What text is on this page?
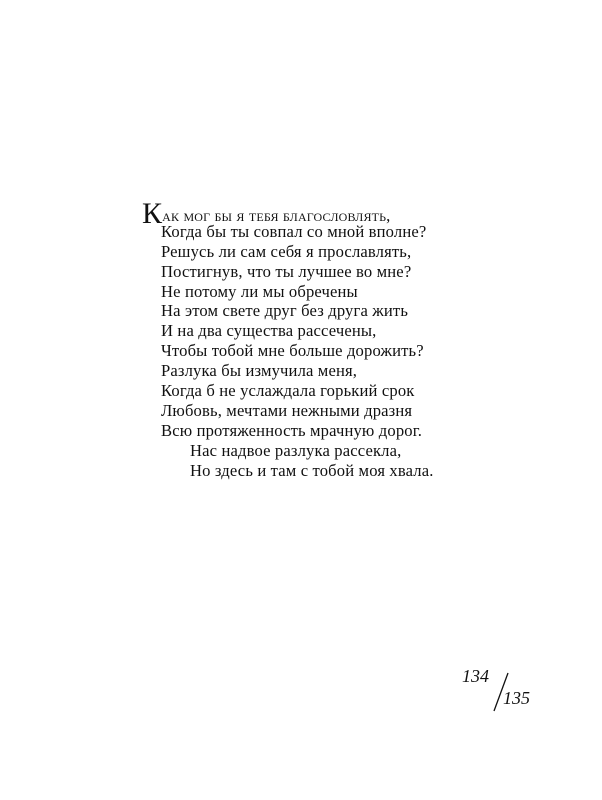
Как мог бы я тебя благословлять,
Когда бы ты совпал со мной вполне?
Решусь ли сам себя я прославлять,
Постигнув, что ты лучшее во мне?
Не потому ли мы обречены
На этом свете друг без друга жить
И на два существа рассечены,
Чтобы тобой мне больше дорожить?
Разлука бы измучила меня,
Когда б не услаждала горький срок
Любовь, мечтами нежными дразня
Всю протяженность мрачную дорог.
Нас надвое разлука рассекла,
Но здесь и там с тобой моя хвала.
134
135
